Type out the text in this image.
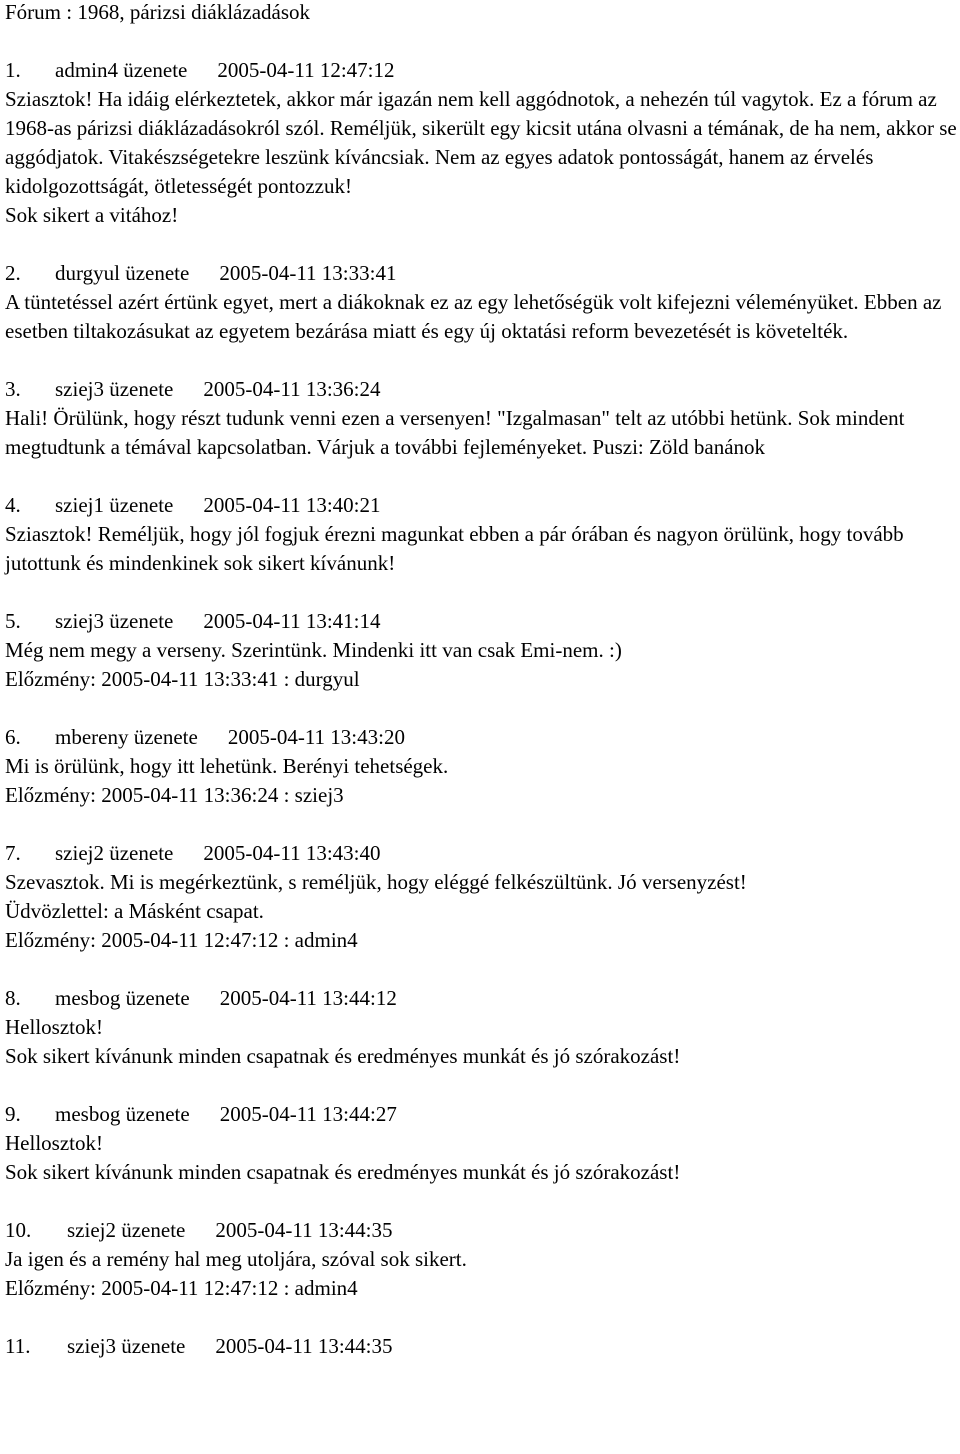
Fórum : 1968, párizsi diáklázadások
1. admin4 üzenete 2005-04-11 12:47:12
Sziasztok! Ha idáig elérkeztetek, akkor már igazán nem kell aggódnotok, a nehezén túl vagytok. Ez a fórum az 1968-as párizsi diáklázadásokról szól. Reméljük, sikerült egy kicsit utána olvasni a témának, de ha nem, akkor se aggódjatok. Vitakészségetekre leszünk kíváncsiak. Nem az egyes adatok pontosságát, hanem az érvelés kidolgozottságát, ötletességét pontozzuk!
Sok sikert a vitához!
2. durgyul üzenete 2005-04-11 13:33:41
A tüntetéssel azért értünk egyet, mert a diákoknak ez az egy lehetőségük volt kifejezni véleményüket. Ebben az esetben tiltakozásukat az egyetem bezárása miatt és egy új oktatási reform bevezetését is követelték.
3. sziej3 üzenete 2005-04-11 13:36:24
Hali! Örülünk, hogy részt tudunk venni ezen a versenyen! "Izgalmasan" telt az utóbbi hetünk. Sok mindent megtudtunk a témával kapcsolatban. Várjuk a további fejleményeket. Puszi: Zöld banánok
4. sziej1 üzenete 2005-04-11 13:40:21
Sziasztok! Reméljük, hogy jól fogjuk érezni magunkat ebben a pár órában és nagyon örülünk, hogy tovább jutottunk és mindenkinek sok sikert kívánunk!
5. sziej3 üzenete 2005-04-11 13:41:14
Még nem megy a verseny. Szerintünk. Mindenki itt van csak Emi-nem. :)
Előzmény: 2005-04-11 13:33:41 : durgyul
6. mbereny üzenete 2005-04-11 13:43:20
Mi is örülünk, hogy itt lehetünk. Berényi tehetségek.
Előzmény: 2005-04-11 13:36:24 : sziej3
7. sziej2 üzenete 2005-04-11 13:43:40
Szevasztok. Mi is megérkeztünk, s reméljük, hogy eléggé felkészültünk. Jó versenyzést!
Üdvözlettel: a Másként csapat.
Előzmény: 2005-04-11 12:47:12 : admin4
8. mesbog üzenete 2005-04-11 13:44:12
Hellosztok!
Sok sikert kívánunk minden csapatnak és eredményes munkát és jó szórakozást!
9. mesbog üzenete 2005-04-11 13:44:27
Hellosztok!
Sok sikert kívánunk minden csapatnak és eredményes munkát és jó szórakozást!
10. sziej2 üzenete 2005-04-11 13:44:35
Ja igen és a remény hal meg utoljára, szóval sok sikert.
Előzmény: 2005-04-11 12:47:12 : admin4
11. sziej3 üzenete 2005-04-11 13:44:35
